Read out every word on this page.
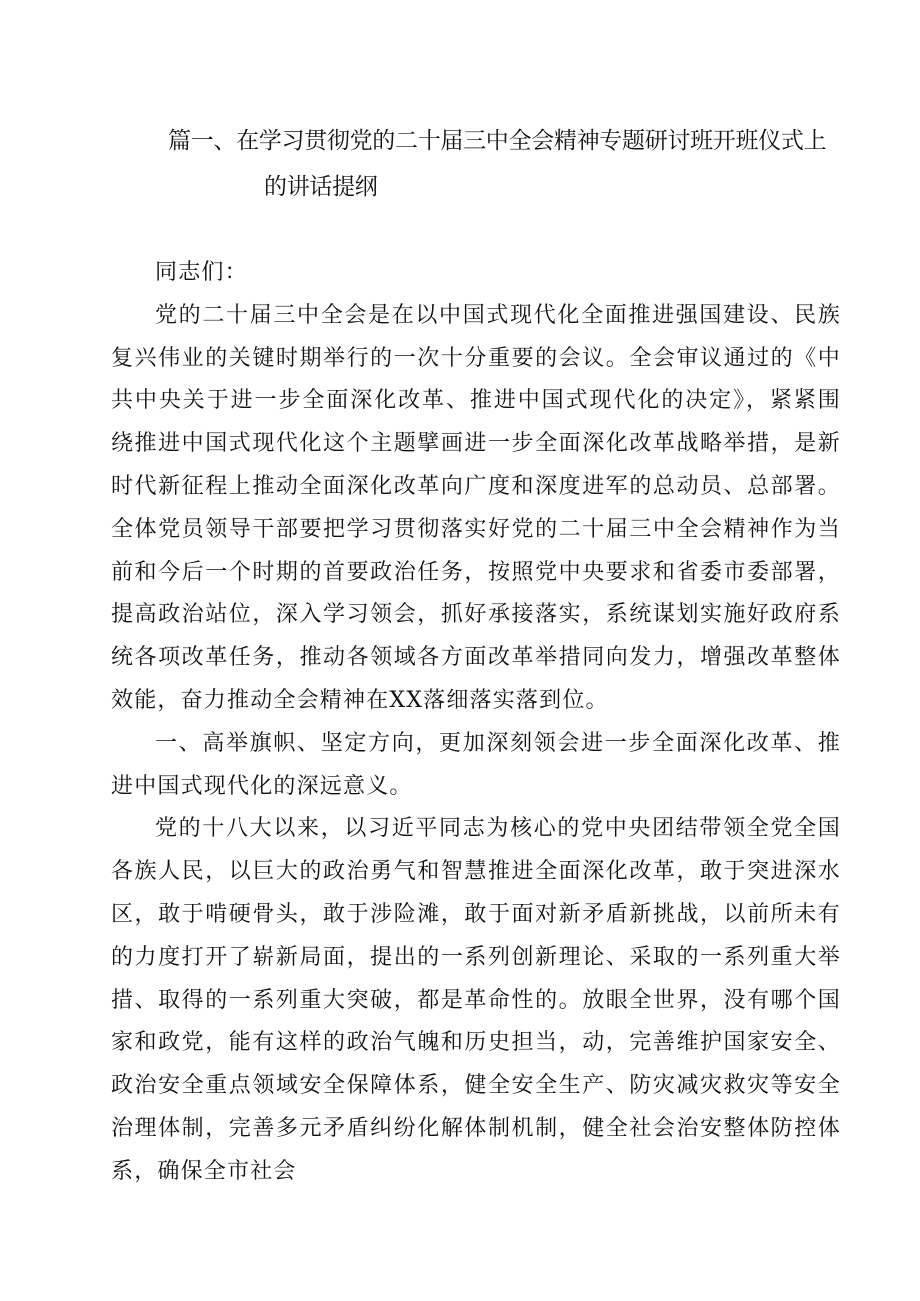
篇一、在学习贯彻党的二十届三中全会精神专题研讨班开班仪式上
的讲话提纲

同志们：

党的二十届三中全会是在以中国式现代化全面推进强国建设、民族复兴伟业的关键时期举行的一次十分重要的会议。全会审议通过的《中共中央关于进一步全面深化改革、推进中国式现代化的决定》，紧紧围绕推进中国式现代化这个主题擘画进一步全面深化改革战略举措，是新时代新征程上推动全面深化改革向广度和深度进军的总动员、总部署。全体党员领导干部要把学习贯彻落实好党的二十届三中全会精神作为当前和今后一个时期的首要政治任务，按照党中央要求和省委市委部署，提高政治站位，深入学习领会，抓好承接落实，系统谋划实施好政府系统各项改革任务，推动各领域各方面改革举措同向发力，增强改革整体效能，奋力推动全会精神在XX落细落实落到位。

一、高举旗帜、坚定方向，更加深刻领会进一步全面深化改革、推进中国式现代化的深远意义。

党的十八大以来，以习近平同志为核心的党中央团结带领全党全国各族人民，以巨大的政治勇气和智慧推进全面深化改革，敢于突进深水区，敢于啃硬骨头，敢于涉险滩，敢于面对新矛盾新挑战，以前所未有的力度打开了崭新局面，提出的一系列创新理论、采取的一系列重大举措、取得的一系列重大突破，都是革命性的。放眼全世界，没有哪个国家和政党，能有这样的政治气魄和历史担当，动，完善维护国家安全、政治安全重点领域安全保障体系，健全安全生产、防灾减灾救灾等安全治理体制，完善多元矛盾纠纷化解体制机制，健全社会治安整体防控体系，确保全市社会
